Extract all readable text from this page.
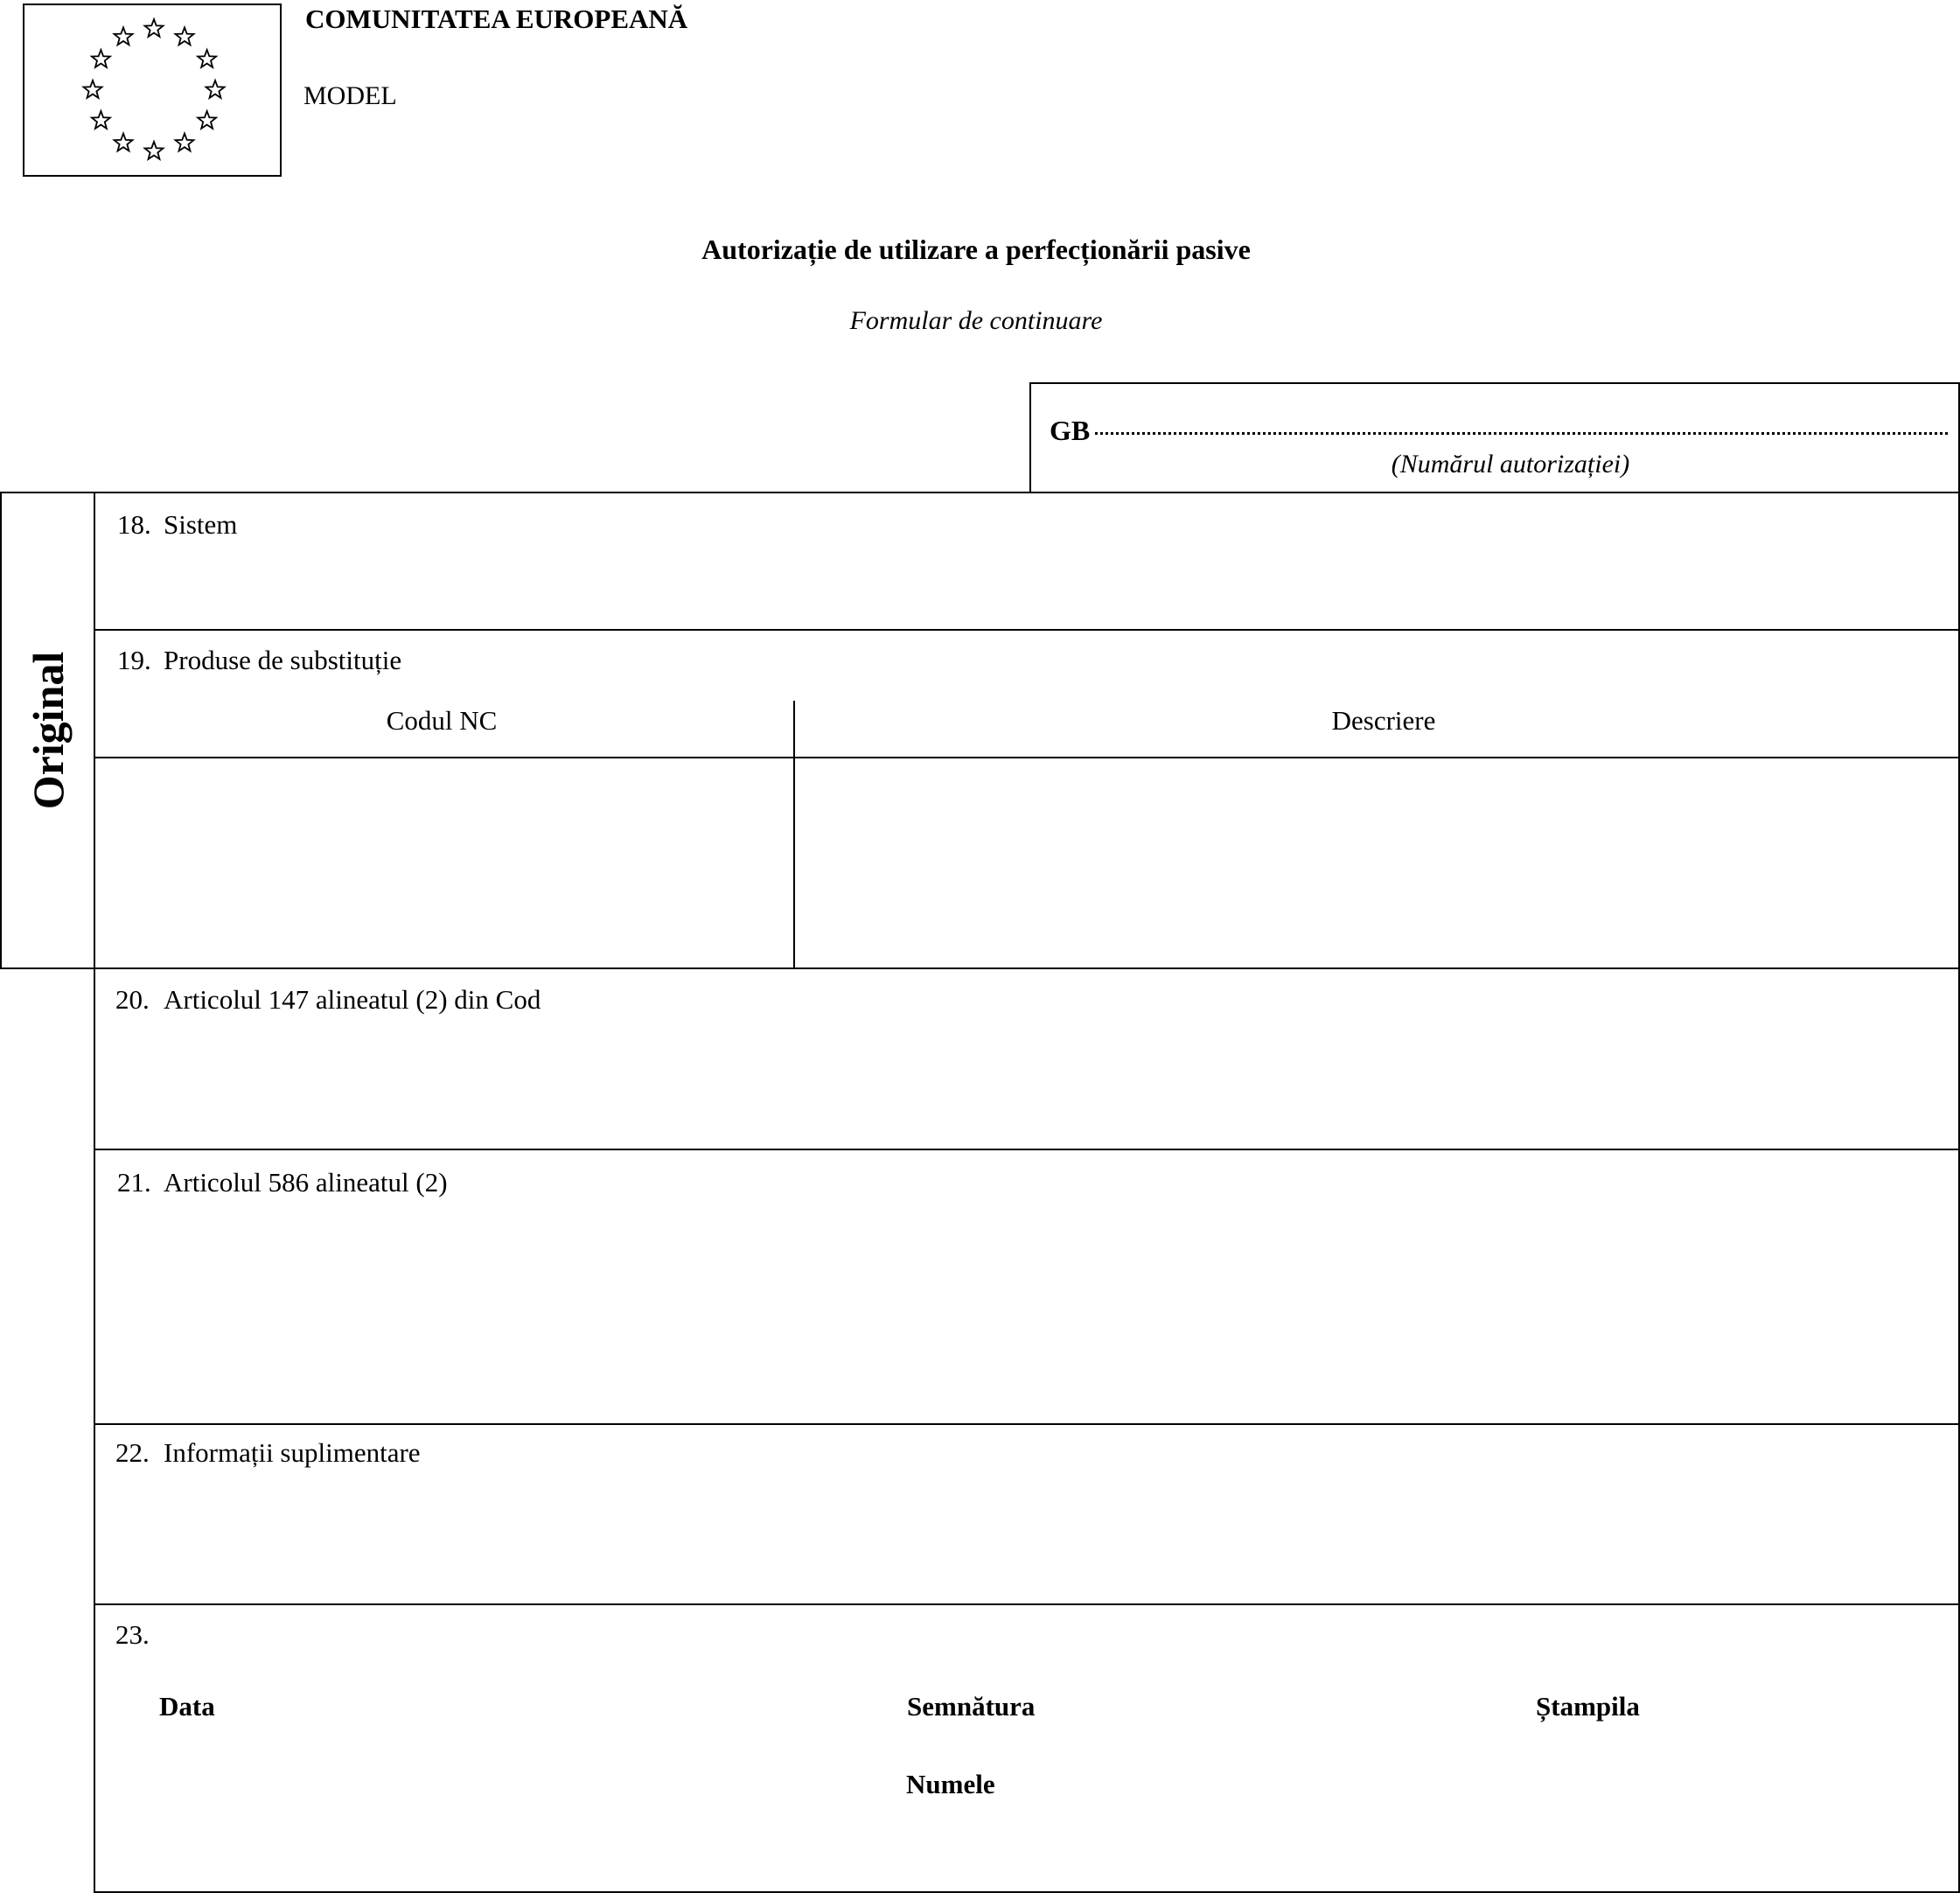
COMUNITATEA EUROPEANĂ
MODEL
Autorizație de utilizare a perfecționării pasive
Formular de continuare
GB
(Numărul autorizației)
Original
18. Sistem
19. Produse de substituție
Codul NC	Descriere
20. Articolul 147 alineatul (2) din Cod
21. Articolul 586 alineatul (2)
22. Informații suplimentare
23.
Data	Semnătura	Ștampila
Numele
